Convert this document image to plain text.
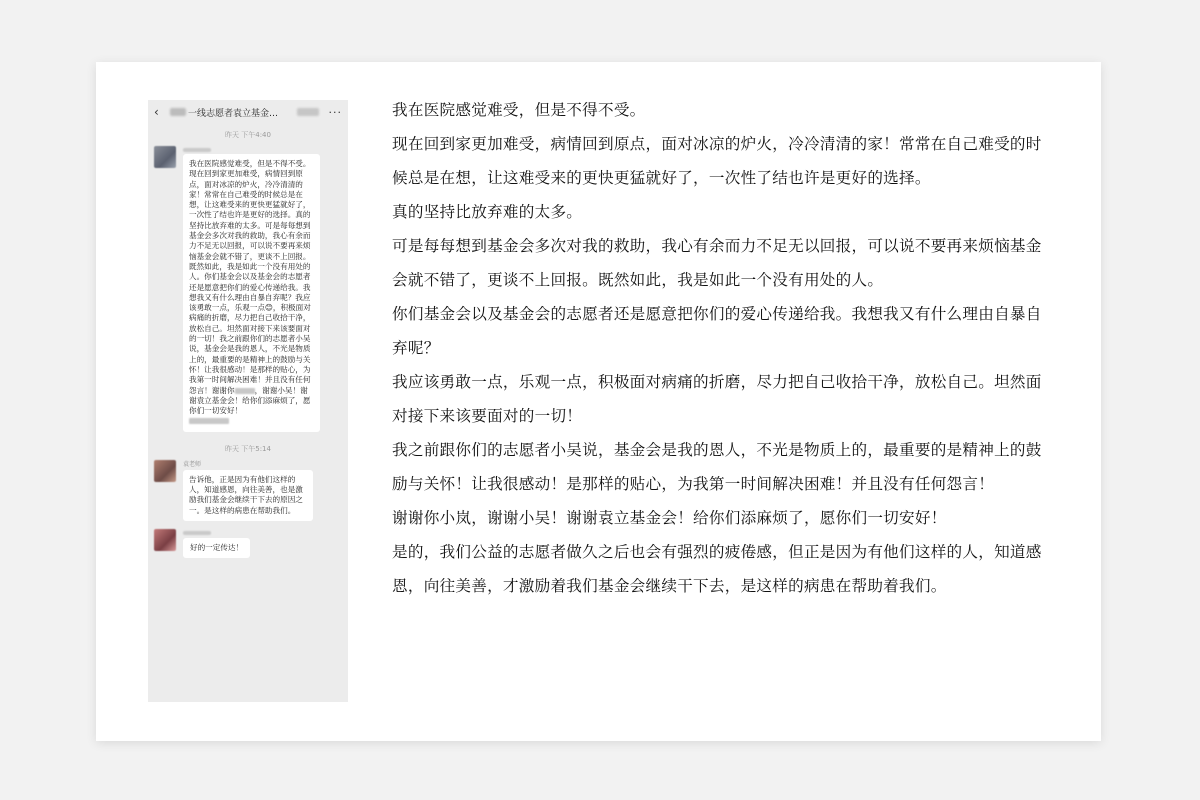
‹	一线志愿者袁立基金…	···
昨天 下午4:40
我在医院感觉难受，但是不得不受。现在回到家更加难受，病情回到原点，面对冰凉的炉火，冷冷清清的家！常常在自己难受的时候总是在想，让这难受来的更快更猛就好了，一次性了结也许是更好的选择。真的坚持比放弃难的太多。可是每每想到基金会多次对我的救助，我心有余而力不足无以回报，可以说不要再来烦恼基金会就不错了，更谈不上回报。既然如此，我是如此一个没有用处的人。你们基金会以及基金会的志愿者还是愿意把你们的爱心传递给我。我想我又有什么理由自暴自弃呢？我应该勇敢一点，乐观一点😊，积极面对病痛的折磨，尽力把自己收拾干净，放松自己。坦然面对接下来该要面对的一切！我之前跟你们的志愿者小吴说，基金会是我的恩人，不光是物质上的，最重要的是精神上的鼓励与关怀！让我很感动！是那样的贴心，为我第一时间解决困难！并且没有任何怨言！谢谢你	，谢谢小吴！谢谢袁立基金会！给你们添麻烦了，愿你们一切安好！

昨天 下午5:14
袁老师
告诉他，正是因为有他们这样的人，知道感恩，向往美善，也是激励我们基金会继续干下去的原因之一。是这样的病患在帮助我们。
好的一定传达！

我在医院感觉难受，但是不得不受。

现在回到家更加难受，病情回到原点，面对冰凉的炉火，冷冷清清的家！常常在自己难受的时候总是在想，让这难受来的更快更猛就好了，一次性了结也许是更好的选择。

真的坚持比放弃难的太多。

可是每每想到基金会多次对我的救助，我心有余而力不足无以回报，可以说不要再来烦恼基金会就不错了，更谈不上回报。既然如此，我是如此一个没有用处的人。

你们基金会以及基金会的志愿者还是愿意把你们的爱心传递给我。我想我又有什么理由自暴自弃呢？

我应该勇敢一点，乐观一点，积极面对病痛的折磨，尽力把自己收拾干净，放松自己。坦然面对接下来该要面对的一切！

我之前跟你们的志愿者小吴说，基金会是我的恩人，不光是物质上的，最重要的是精神上的鼓励与关怀！让我很感动！是那样的贴心，为我第一时间解决困难！并且没有任何怨言！

谢谢你小岚，谢谢小吴！谢谢袁立基金会！给你们添麻烦了，愿你们一切安好！

是的，我们公益的志愿者做久之后也会有强烈的疲倦感，但正是因为有他们这样的人，知道感恩，向往美善，才激励着我们基金会继续干下去，是这样的病患在帮助着我们。
